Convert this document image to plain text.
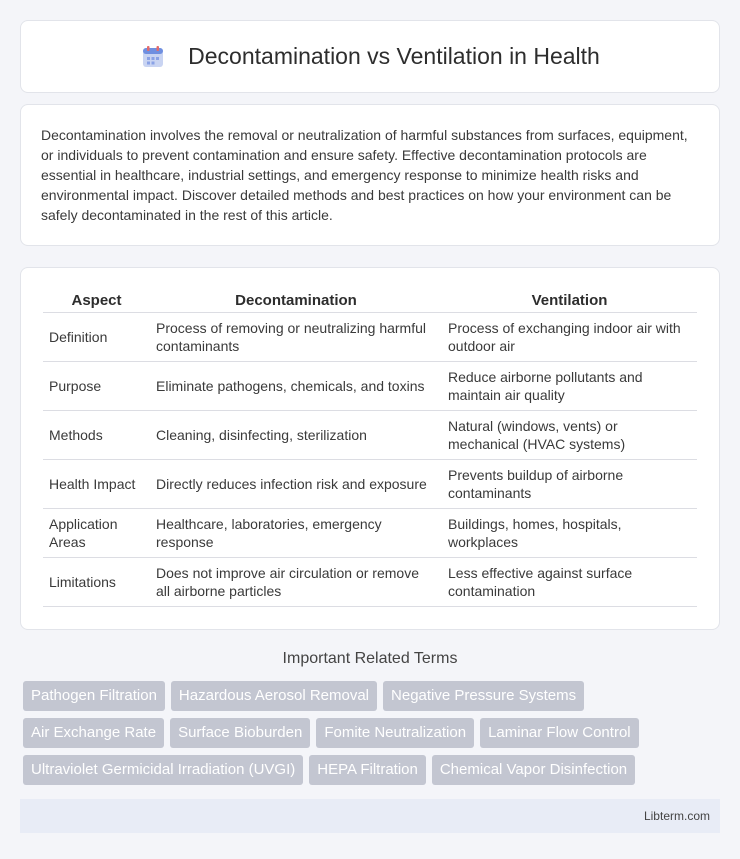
Decontamination vs Ventilation in Health

Decontamination involves the removal or neutralization of harmful substances from surfaces, equipment, or individuals to prevent contamination and ensure safety. Effective decontamination protocols are essential in healthcare, industrial settings, and emergency response to minimize health risks and environmental impact. Discover detailed methods and best practices on how your environment can be safely decontaminated in the rest of this article.

Aspect	Decontamination	Ventilation
Definition	Process of removing or neutralizing harmful contaminants	Process of exchanging indoor air with outdoor air
Purpose	Eliminate pathogens, chemicals, and toxins	Reduce airborne pollutants and maintain air quality
Methods	Cleaning, disinfecting, sterilization	Natural (windows, vents) or mechanical (HVAC systems)
Health Impact	Directly reduces infection risk and exposure	Prevents buildup of airborne contaminants
Application Areas	Healthcare, laboratories, emergency response	Buildings, homes, hospitals, workplaces
Limitations	Does not improve air circulation or remove all airborne particles	Less effective against surface contamination
Important Related Terms
Pathogen Filtration	Hazardous Aerosol Removal	Negative Pressure Systems
Air Exchange Rate	Surface Bioburden	Fomite Neutralization	Laminar Flow Control
Ultraviolet Germicidal Irradiation (UVGI)	HEPA Filtration	Chemical Vapor Disinfection
Libterm.com
